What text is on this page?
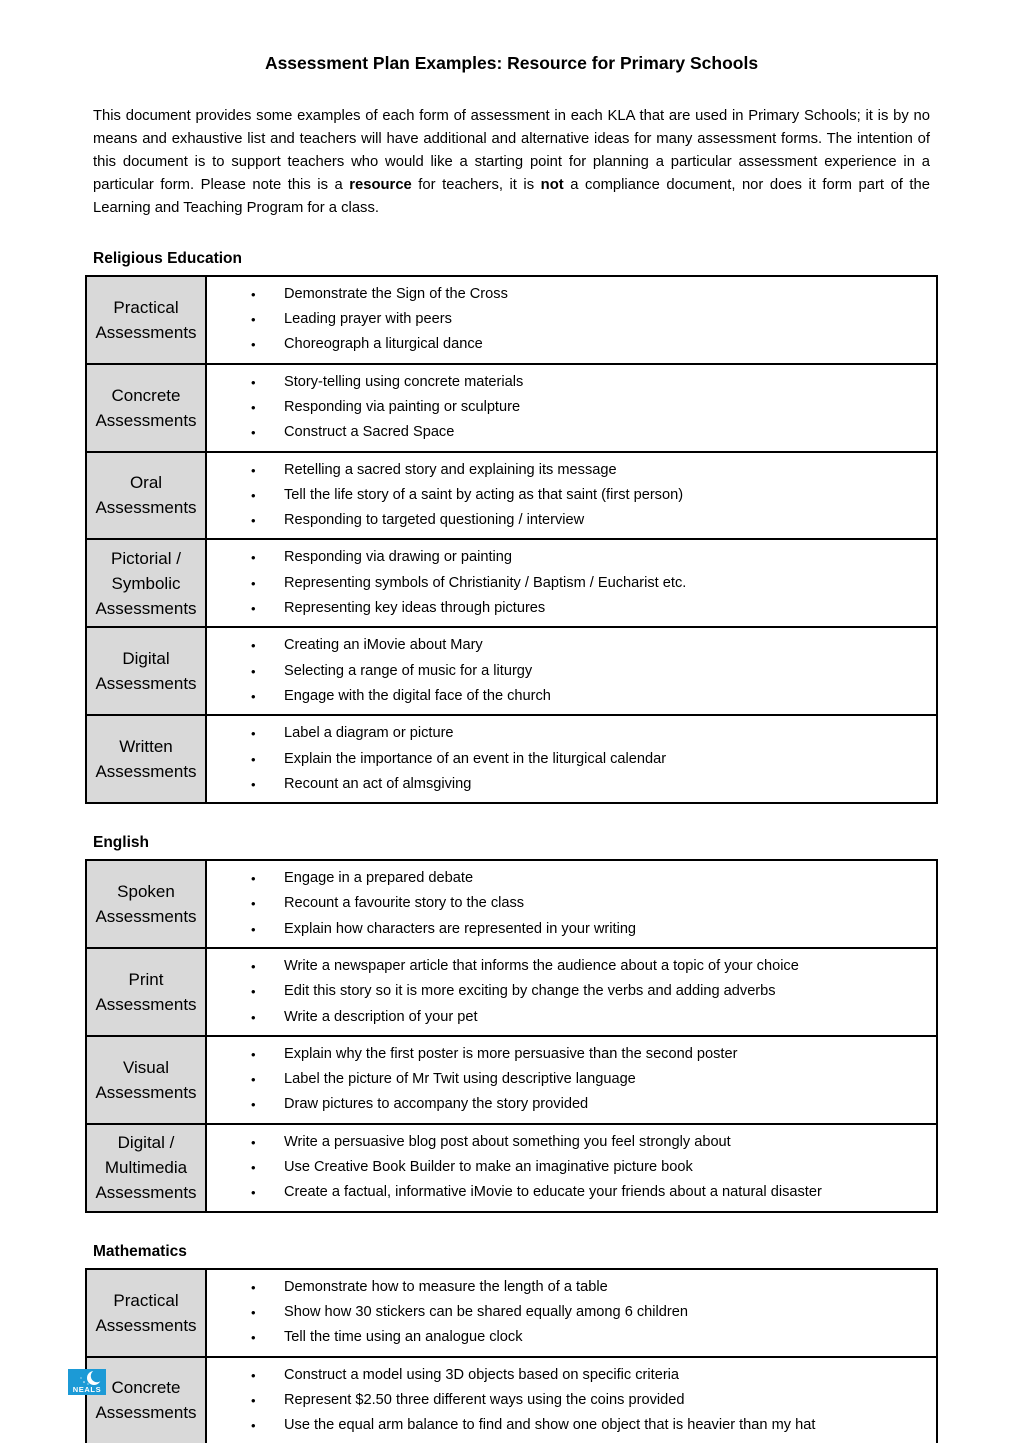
Assessment Plan Examples: Resource for Primary Schools

This document provides some examples of each form of assessment in each KLA that are used in Primary Schools; it is by no means and exhaustive list and teachers will have additional and alternative ideas for many assessment forms. The intention of this document is to support teachers who would like a starting point for planning a particular assessment experience in a particular form. Please note this is a resource for teachers, it is not a compliance document, nor does it form part of the Learning and Teaching Program for a class.

Religious Education
Practical Assessments	
• Demonstrate the Sign of the Cross
• Leading prayer with peers
• Choreograph a liturgical dance

Concrete Assessments	
• Story-telling using concrete materials
• Responding via painting or sculpture
• Construct a Sacred Space

Oral Assessments	
• Retelling a sacred story and explaining its message
• Tell the life story of a saint by acting as that saint (first person)
• Responding to targeted questioning / interview

Pictorial / Symbolic Assessments	
• Responding via drawing or painting
• Representing symbols of Christianity / Baptism / Eucharist etc.
• Representing key ideas through pictures

Digital Assessments	
• Creating an iMovie about Mary
• Selecting a range of music for a liturgy
• Engage with the digital face of the church

Written Assessments	
• Label a diagram or picture
• Explain the importance of an event in the liturgical calendar
• Recount an act of almsgiving
English
Spoken Assessments	
• Engage in a prepared debate
• Recount a favourite story to the class
• Explain how characters are represented in your writing

Print Assessments	
• Write a newspaper article that informs the audience about a topic of your choice
• Edit this story so it is more exciting by change the verbs and adding adverbs
• Write a description of your pet

Visual Assessments	
• Explain why the first poster is more persuasive than the second poster
• Label the picture of Mr Twit using descriptive language
• Draw pictures to accompany the story provided

Digital / Multimedia Assessments	
• Write a persuasive blog post about something you feel strongly about
• Use Creative Book Builder to make an imaginative picture book
• Create a factual, informative iMovie to educate your friends about a natural disaster
Mathematics
Practical Assessments	
• Demonstrate how to measure the length of a table
• Show how 30 stickers can be shared equally among 6 children
• Tell the time using an analogue clock

Concrete Assessments	
• Construct a model using 3D objects based on specific criteria
• Represent $2.50 three different ways using the coins provided
• Use the equal arm balance to find and show one object that is heavier than my hat
NEALS
